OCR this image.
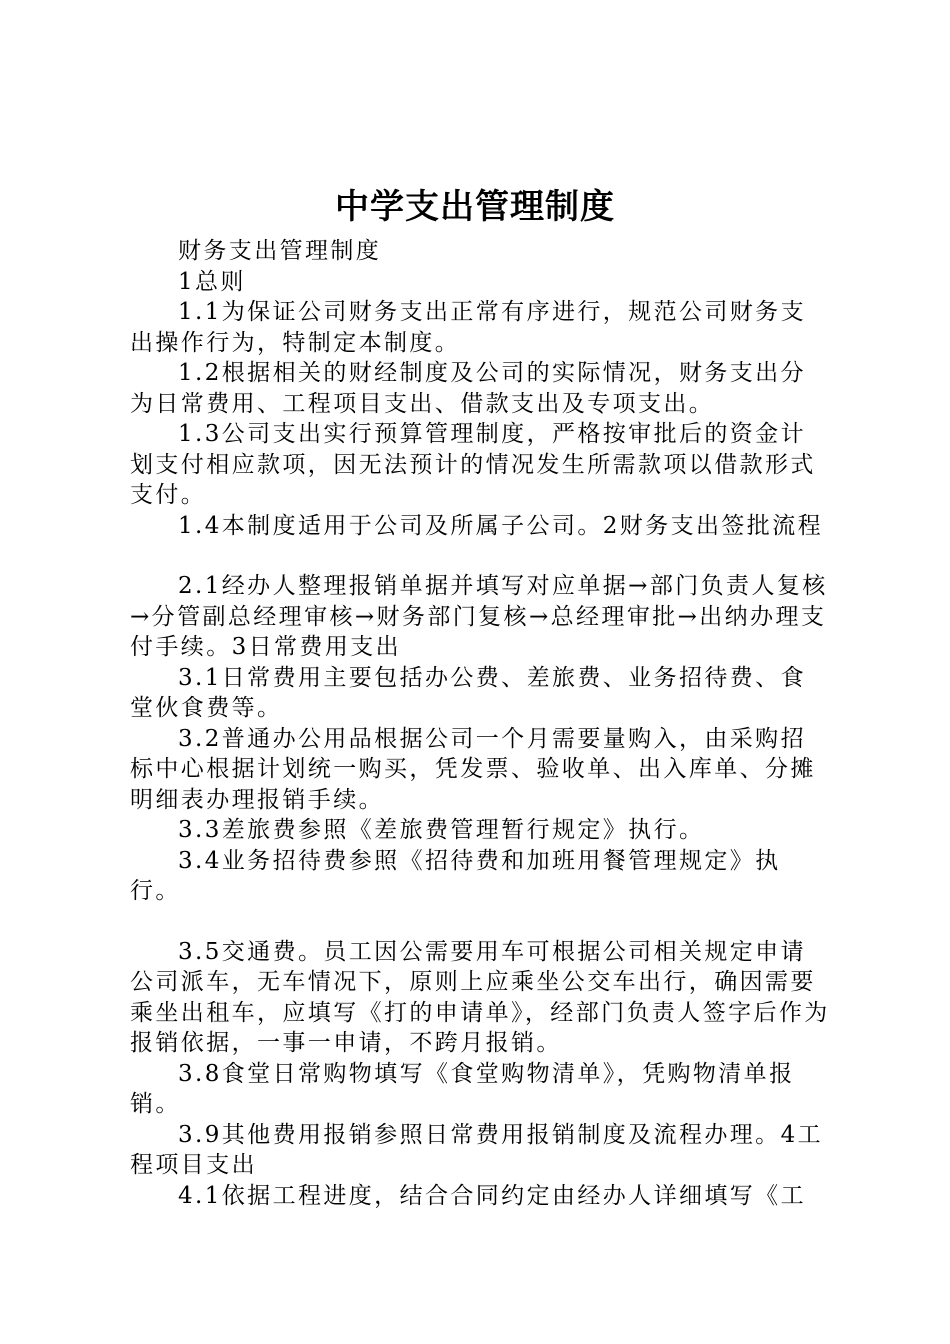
中学支出管理制度

财务支出管理制度

1总则

1.1为保证公司财务支出正常有序进行，规范公司财务支出操作行为，特制定本制度。

1.2根据相关的财经制度及公司的实际情况，财务支出分为日常费用、工程项目支出、借款支出及专项支出。

1.3公司支出实行预算管理制度，严格按审批后的资金计划支付相应款项，因无法预计的情况发生所需款项以借款形式支付。

1.4本制度适用于公司及所属子公司。2财务支出签批流程

2.1经办人整理报销单据并填写对应单据→部门负责人复核→分管副总经理审核→财务部门复核→总经理审批→出纳办理支付手续。3日常费用支出

3.1日常费用主要包括办公费、差旅费、业务招待费、食堂伙食费等。

3.2普通办公用品根据公司一个月需要量购入，由采购招标中心根据计划统一购买，凭发票、验收单、出入库单、分摊明细表办理报销手续。

3.3差旅费参照《差旅费管理暂行规定》执行。

3.4业务招待费参照《招待费和加班用餐管理规定》执行。

3.5交通费。员工因公需要用车可根据公司相关规定申请公司派车，无车情况下，原则上应乘坐公交车出行，确因需要乘坐出租车，应填写《打的申请单》，经部门负责人签字后作为报销依据，一事一申请，不跨月报销。

3.8食堂日常购物填写《食堂购物清单》，凭购物清单报销。

3.9其他费用报销参照日常费用报销制度及流程办理。4工程项目支出

4.1依据工程进度，结合合同约定由经办人详细填写《工
